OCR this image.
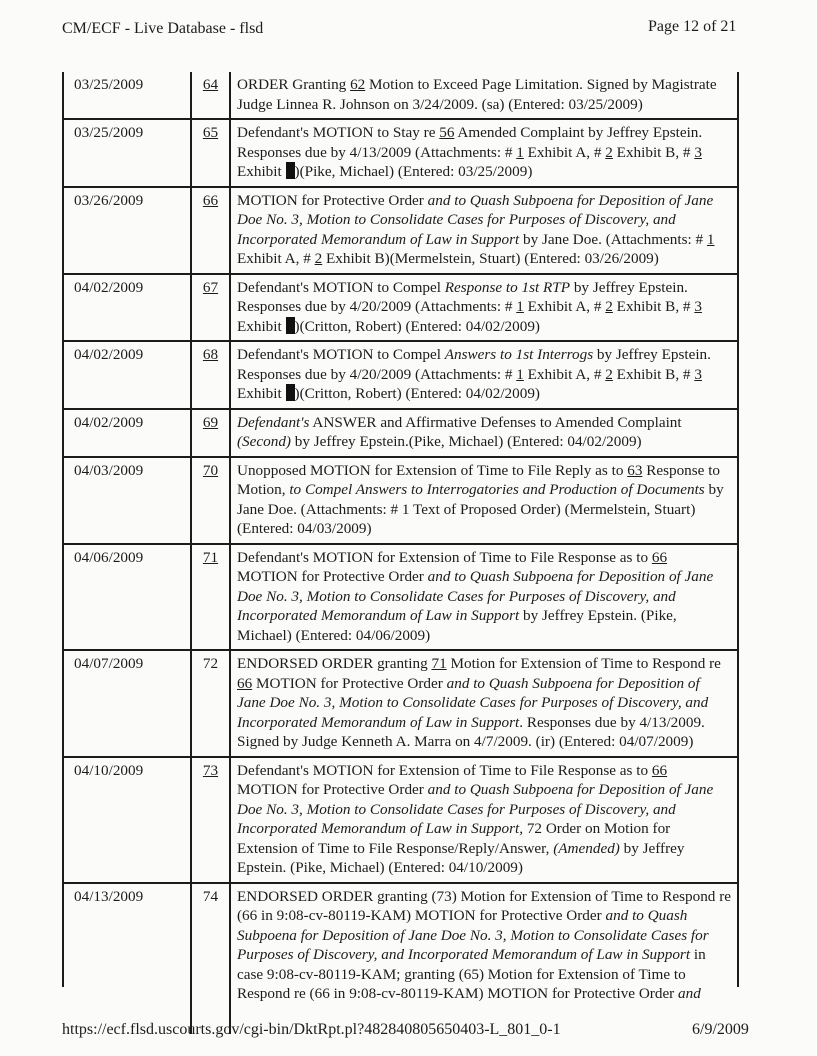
CM/ECF - Live Database - flsd	Page 12 of 21
03/25/2009	64	ORDER Granting 62 Motion to Exceed Page Limitation. Signed by Magistrate Judge Linnea R. Johnson on 3/24/2009. (sa) (Entered: 03/25/2009)
03/25/2009	65	Defendant's MOTION to Stay re 56 Amended Complaint by Jeffrey Epstein. Responses due by 4/13/2009 (Attachments: # 1 Exhibit A, # 2 Exhibit B, # 3 Exhibit )(Pike, Michael) (Entered: 03/25/2009)
03/26/2009	66	MOTION for Protective Order and to Quash Subpoena for Deposition of Jane Doe No. 3, Motion to Consolidate Cases for Purposes of Discovery, and Incorporated Memorandum of Law in Support by Jane Doe. (Attachments: # 1 Exhibit A, # 2 Exhibit B)(Mermelstein, Stuart) (Entered: 03/26/2009)
04/02/2009	67	Defendant's MOTION to Compel Response to 1st RTP by Jeffrey Epstein. Responses due by 4/20/2009 (Attachments: # 1 Exhibit A, # 2 Exhibit B, # 3 Exhibit )(Critton, Robert) (Entered: 04/02/2009)
04/02/2009	68	Defendant's MOTION to Compel Answers to 1st Interrogs by Jeffrey Epstein. Responses due by 4/20/2009 (Attachments: # 1 Exhibit A, # 2 Exhibit B, # 3 Exhibit )(Critton, Robert) (Entered: 04/02/2009)
04/02/2009	69	Defendant's ANSWER and Affirmative Defenses to Amended Complaint (Second) by Jeffrey Epstein.(Pike, Michael) (Entered: 04/02/2009)
04/03/2009	70	Unopposed MOTION for Extension of Time to File Reply as to 63 Response to Motion, to Compel Answers to Interrogatories and Production of Documents by Jane Doe. (Attachments: # 1 Text of Proposed Order) (Mermelstein, Stuart) (Entered: 04/03/2009)
04/06/2009	71	Defendant's MOTION for Extension of Time to File Response as to 66 MOTION for Protective Order and to Quash Subpoena for Deposition of Jane Doe No. 3, Motion to Consolidate Cases for Purposes of Discovery, and Incorporated Memorandum of Law in Support by Jeffrey Epstein. (Pike, Michael) (Entered: 04/06/2009)
04/07/2009	72	ENDORSED ORDER granting 71 Motion for Extension of Time to Respond re 66 MOTION for Protective Order and to Quash Subpoena for Deposition of Jane Doe No. 3, Motion to Consolidate Cases for Purposes of Discovery, and Incorporated Memorandum of Law in Support. Responses due by 4/13/2009. Signed by Judge Kenneth A. Marra on 4/7/2009. (ir) (Entered: 04/07/2009)
04/10/2009	73	Defendant's MOTION for Extension of Time to File Response as to 66 MOTION for Protective Order and to Quash Subpoena for Deposition of Jane Doe No. 3, Motion to Consolidate Cases for Purposes of Discovery, and Incorporated Memorandum of Law in Support, 72 Order on Motion for Extension of Time to File Response/Reply/Answer, (Amended) by Jeffrey Epstein. (Pike, Michael) (Entered: 04/10/2009)
04/13/2009	74	ENDORSED ORDER granting (73) Motion for Extension of Time to Respond re (66 in 9:08-cv-80119-KAM) MOTION for Protective Order and to Quash Subpoena for Deposition of Jane Doe No. 3, Motion to Consolidate Cases for Purposes of Discovery, and Incorporated Memorandum of Law in Support in case 9:08-cv-80119-KAM; granting (65) Motion for Extension of Time to Respond re (66 in 9:08-cv-80119-KAM) MOTION for Protective Order and
https://ecf.flsd.uscourts.gov/cgi-bin/DktRpt.pl?482840805650403-L_801_0-1	6/9/2009
